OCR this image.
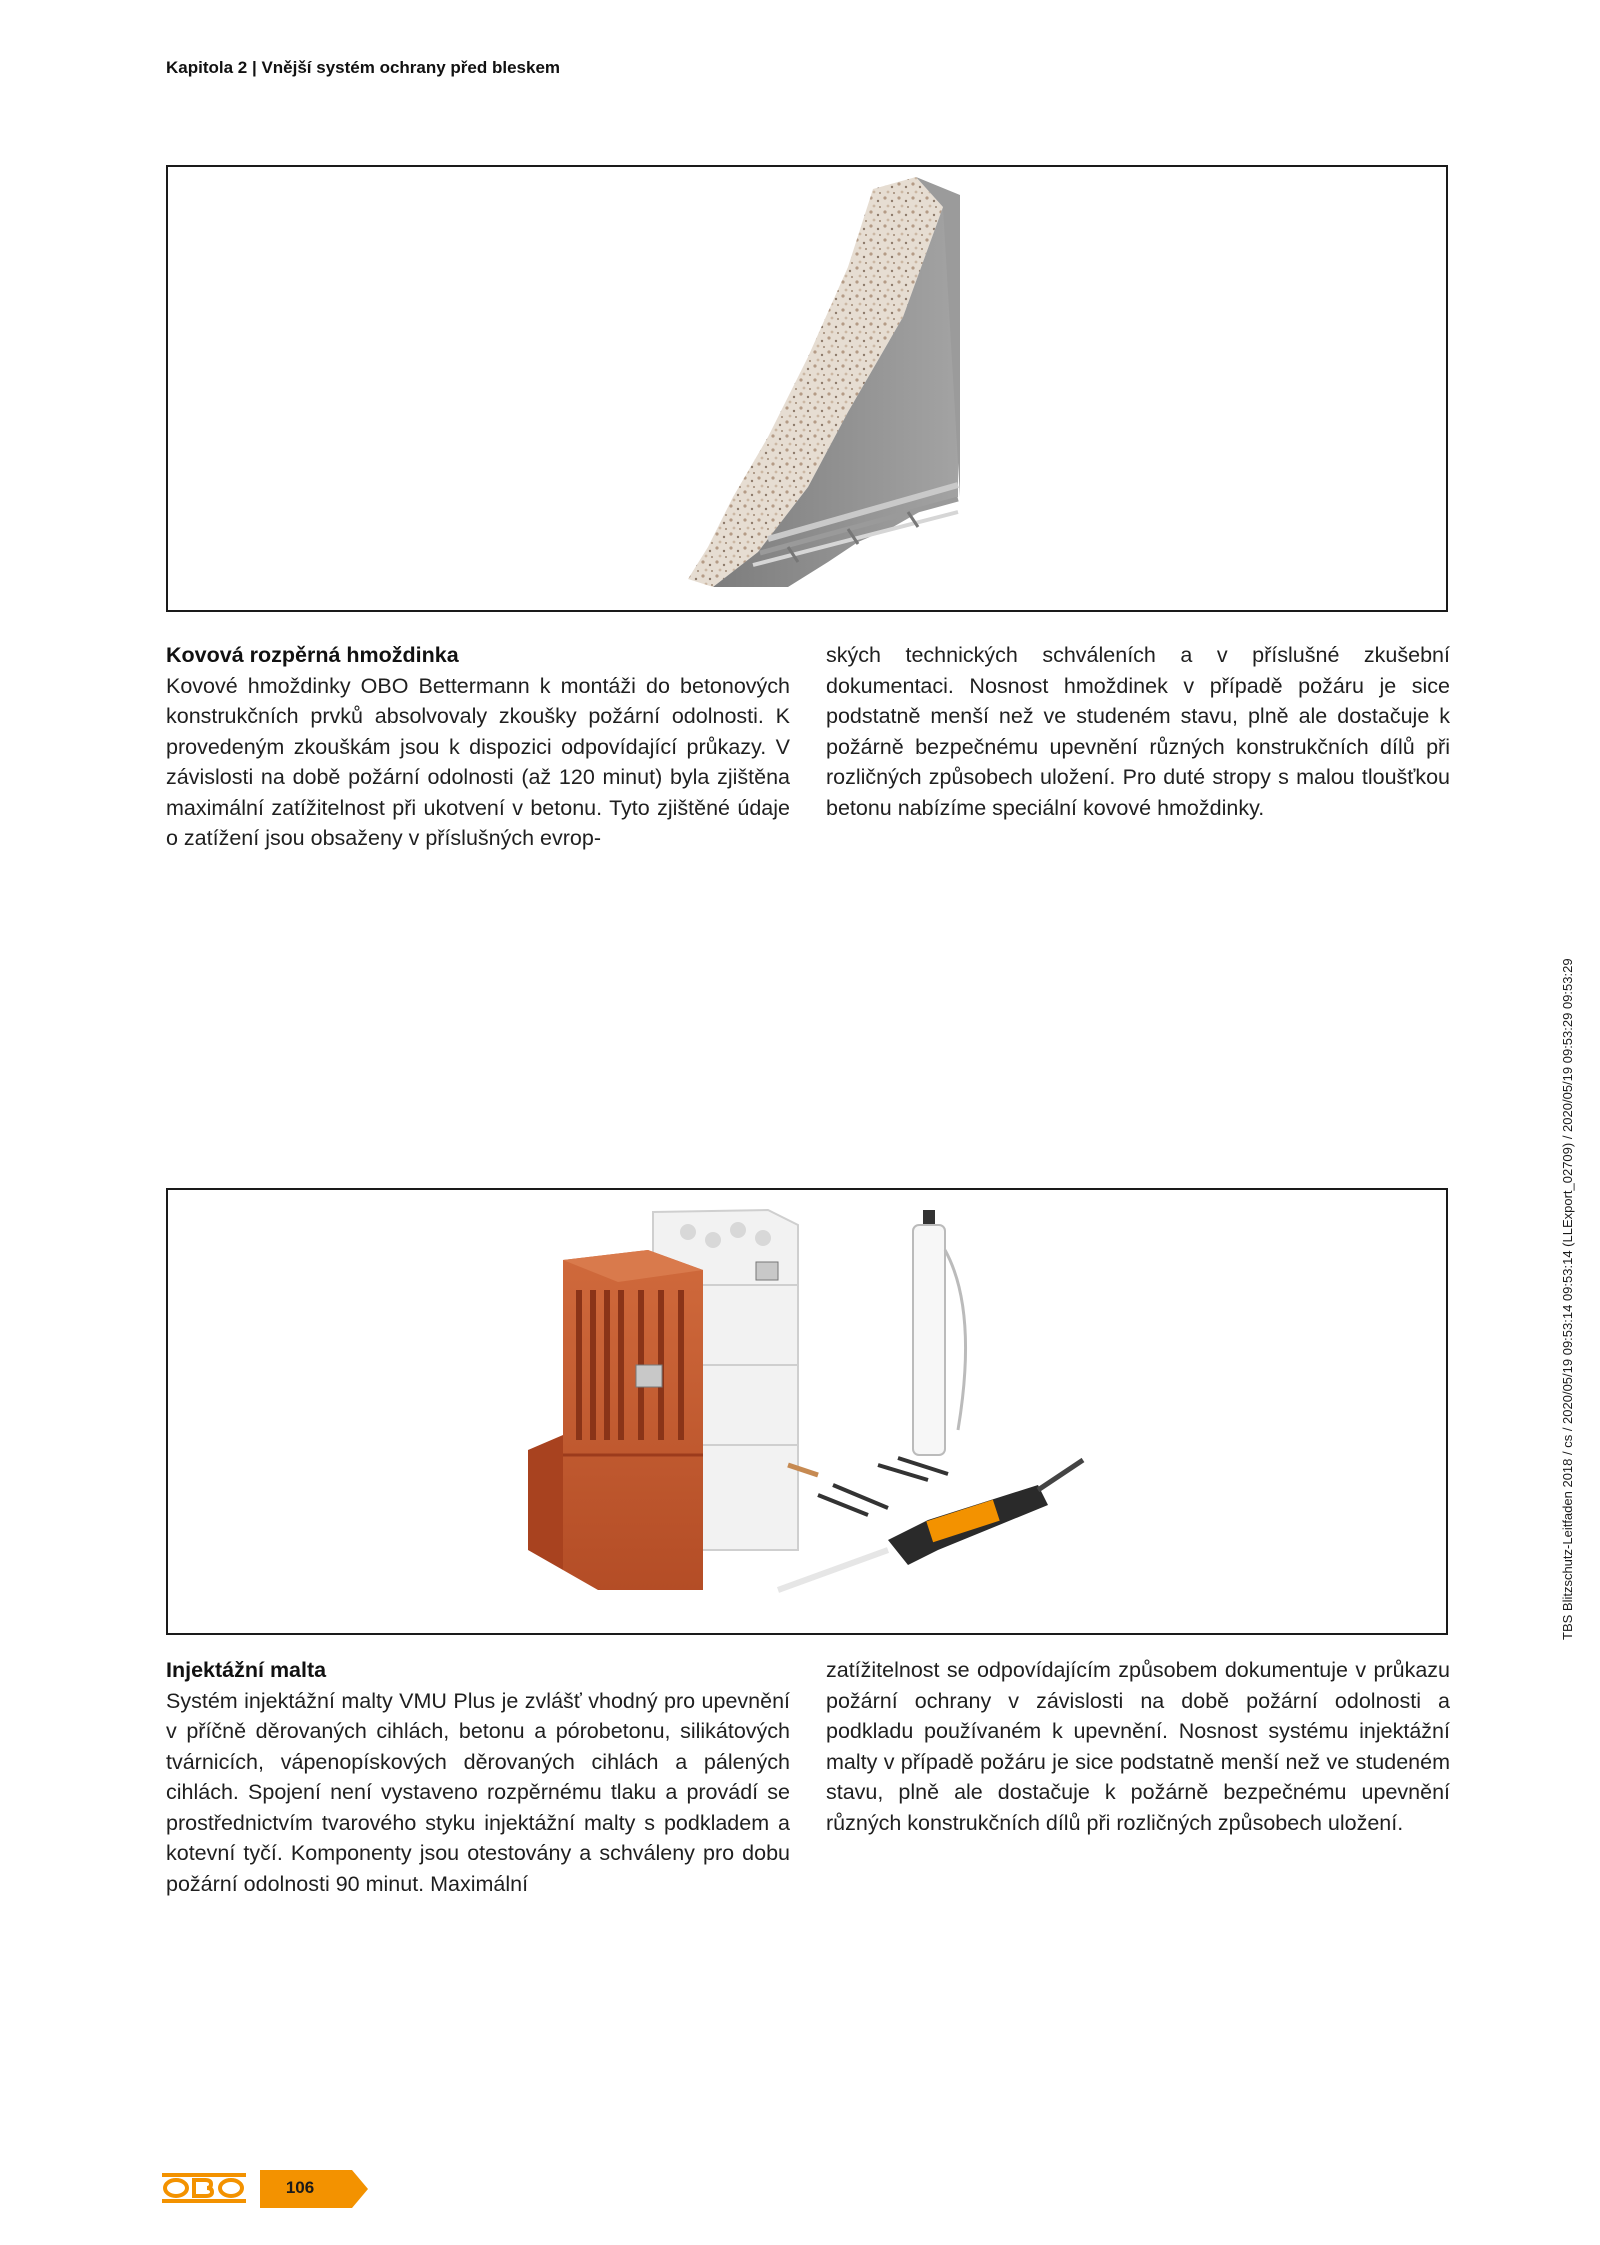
Kapitola 2 | Vnější systém ochrany před bleskem
Kovová rozpěrná hmoždinka

Kovové hmoždinky OBO Bettermann k montáži do betonových konstrukčních prvků absolvovaly zkoušky požární odolnosti. K provedeným zkouškám jsou k dispozici odpovídající průkazy. V závislosti na době požární odolnosti (až 120 minut) byla zjištěna maximální zatížitelnost při ukotvení v betonu. Tyto zjištěné údaje o zatížení jsou obsaženy v příslušných evrop-

ských technických schváleních a v příslušné zkušební dokumentaci. Nosnost hmoždinek v případě požáru je sice podstatně menší než ve studeném stavu, plně ale dostačuje k požárně bezpečnému upevnění různých konstrukčních dílů při rozličných způsobech uložení. Pro duté stropy s malou tloušťkou betonu nabízíme speciální kovové hmoždinky.

Injektážní malta

Systém injektážní malty VMU Plus je zvlášť vhodný pro upevnění v příčně děrovaných cihlách, betonu a pórobetonu, silikátových tvárnicích, vápenopískových děrovaných cihlách a pálených cihlách. Spojení není vystaveno rozpěrnému tlaku a provádí se prostřednictvím tvarového styku injektážní malty s podkladem a kotevní tyčí. Komponenty jsou otestovány a schváleny pro dobu požární odolnosti 90 minut. Maximální

zatížitelnost se odpovídajícím způsobem dokumentuje v průkazu požární ochrany v závislosti na době požární odolnosti a podkladu používaném k upevnění. Nosnost systému injektážní malty v případě požáru je sice podstatně menší než ve studeném stavu, plně ale dostačuje k požárně bezpečnému upevnění různých konstrukčních dílů při rozličných způsobech uložení.

TBS Blitzschutz-Leitfaden 2018 / cs / 2020/05/19 09:53:14 09:53:14 (LLExport_02709) / 2020/05/19 09:53:29 09:53:29
106
